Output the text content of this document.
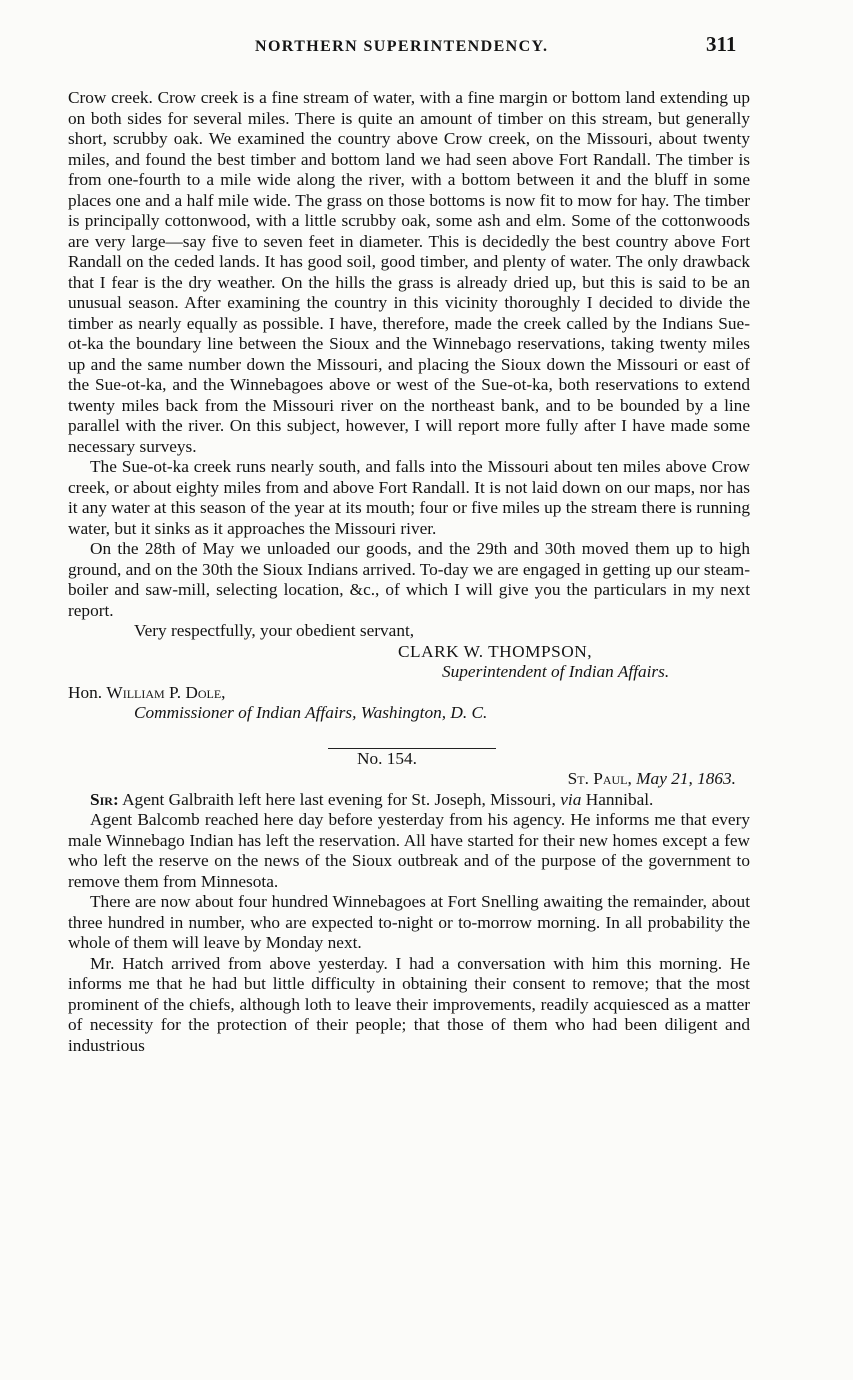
NORTHERN SUPERINTENDENCY.	311

Crow creek. Crow creek is a fine stream of water, with a fine margin or bottom land extending up on both sides for several miles. There is quite an amount of timber on this stream, but generally short, scrubby oak. We examined the country above Crow creek, on the Missouri, about twenty miles, and found the best timber and bottom land we had seen above Fort Randall. The timber is from one-fourth to a mile wide along the river, with a bottom between it and the bluff in some places one and a half mile wide. The grass on those bottoms is now fit to mow for hay. The timber is principally cottonwood, with a little scrubby oak, some ash and elm. Some of the cottonwoods are very large—say five to seven feet in diameter. This is decidedly the best country above Fort Randall on the ceded lands. It has good soil, good timber, and plenty of water. The only drawback that I fear is the dry weather. On the hills the grass is already dried up, but this is said to be an unusual season. After examining the country in this vicinity thoroughly I decided to divide the timber as nearly equally as possible. I have, therefore, made the creek called by the Indians Sue-ot-ka the boundary line between the Sioux and the Winnebago reservations, taking twenty miles up and the same number down the Missouri, and placing the Sioux down the Missouri or east of the Sue-ot-ka, and the Winnebagoes above or west of the Sue-ot-ka, both reservations to extend twenty miles back from the Missouri river on the northeast bank, and to be bounded by a line parallel with the river. On this subject, however, I will report more fully after I have made some necessary surveys.

The Sue-ot-ka creek runs nearly south, and falls into the Missouri about ten miles above Crow creek, or about eighty miles from and above Fort Randall. It is not laid down on our maps, nor has it any water at this season of the year at its mouth; four or five miles up the stream there is running water, but it sinks as it approaches the Missouri river.

On the 28th of May we unloaded our goods, and the 29th and 30th moved them up to high ground, and on the 30th the Sioux Indians arrived. To-day we are engaged in getting up our steam-boiler and saw-mill, selecting location, &c., of which I will give you the particulars in my next report.

Very respectfully, your obedient servant,

CLARK W. THOMPSON,

Superintendent of Indian Affairs.

Hon. William P. Dole,

Commissioner of Indian Affairs, Washington, D. C.

No. 154.

St. Paul, May 21, 1863.

Sir: Agent Galbraith left here last evening for St. Joseph, Missouri, via Hannibal.

Agent Balcomb reached here day before yesterday from his agency. He informs me that every male Winnebago Indian has left the reservation. All have started for their new homes except a few who left the reserve on the news of the Sioux outbreak and of the purpose of the government to remove them from Minnesota.

There are now about four hundred Winnebagoes at Fort Snelling awaiting the remainder, about three hundred in number, who are expected to-night or to-morrow morning. In all probability the whole of them will leave by Monday next.

Mr. Hatch arrived from above yesterday. I had a conversation with him this morning. He informs me that he had but little difficulty in obtaining their consent to remove; that the most prominent of the chiefs, although loth to leave their improvements, readily acquiesced as a matter of necessity for the protection of their people; that those of them who had been diligent and industrious
